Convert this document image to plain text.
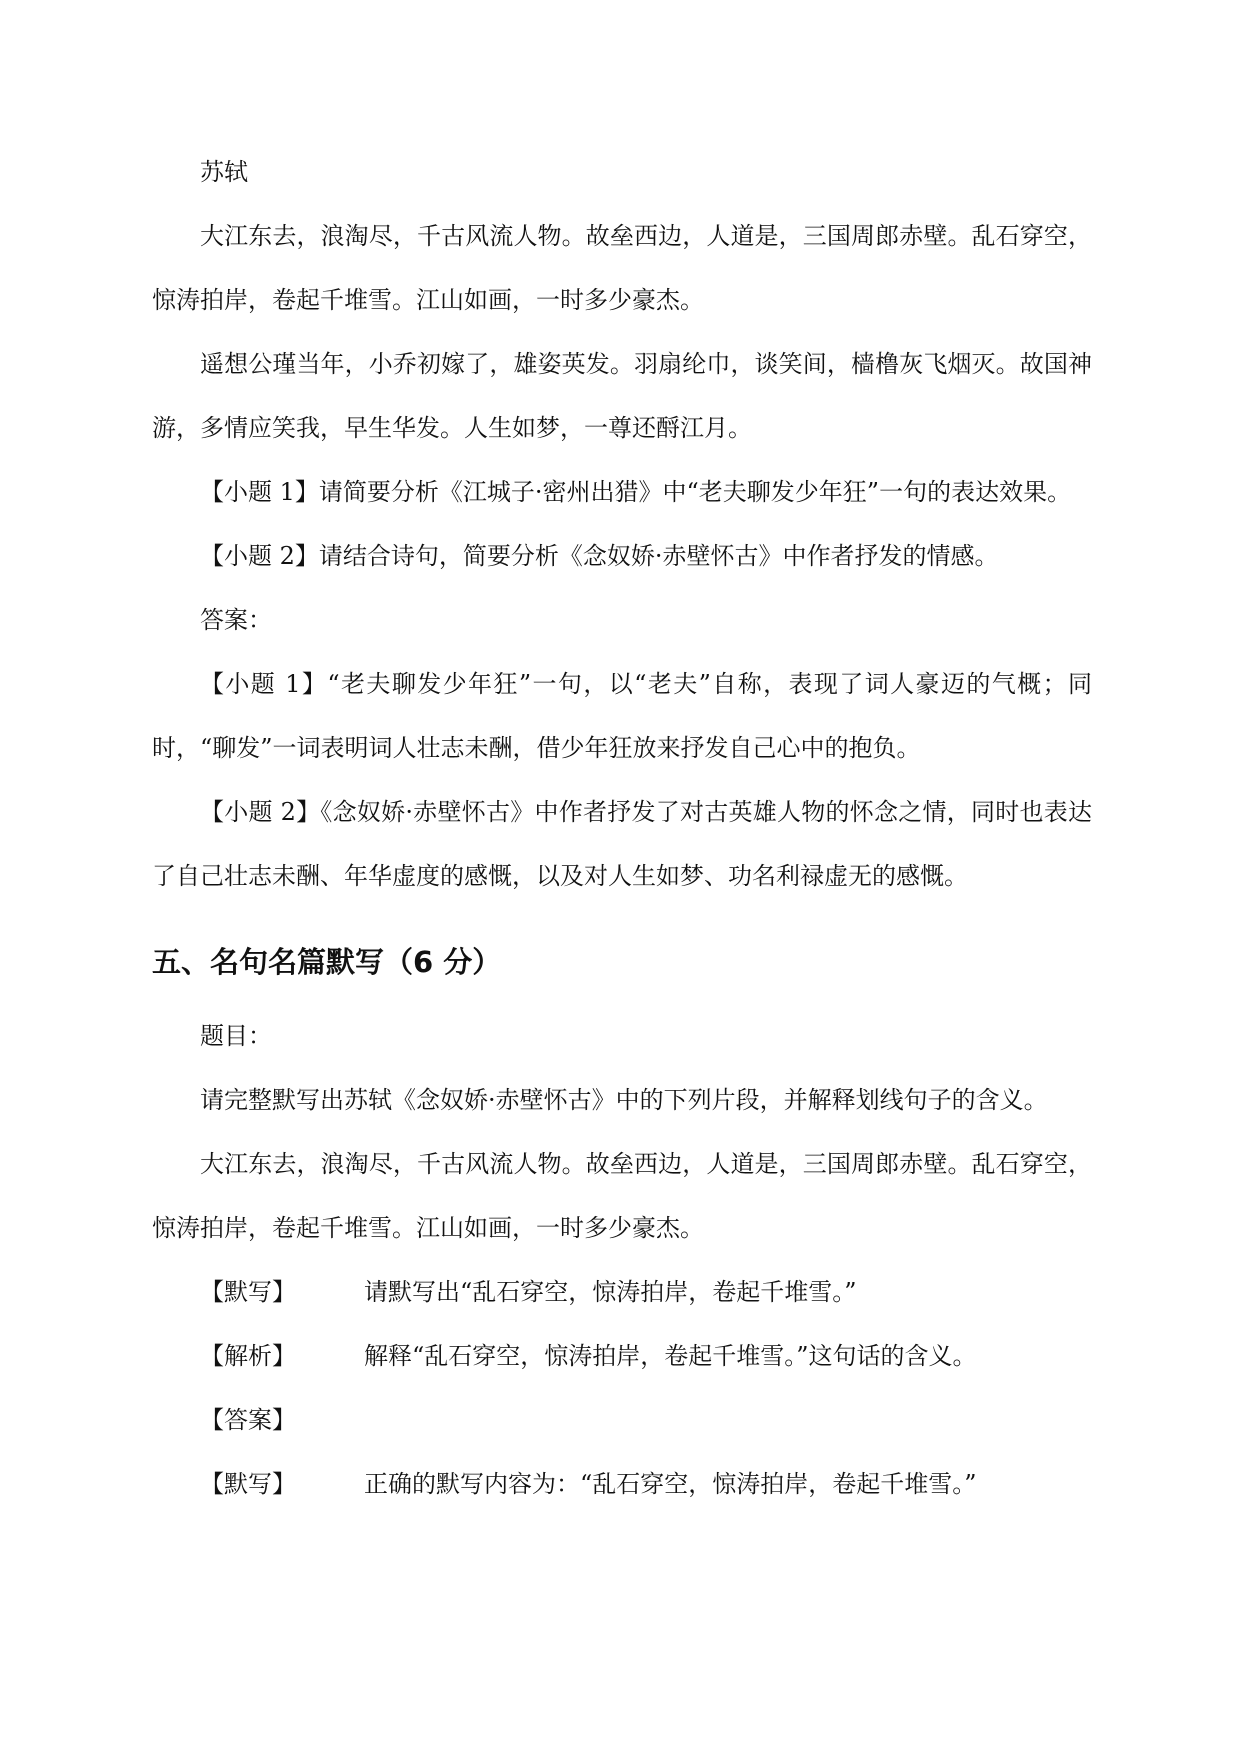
苏轼

大江东去，浪淘尽，千古风流人物。故垒西边，人道是，三国周郎赤壁。乱石穿空，惊涛拍岸，卷起千堆雪。江山如画，一时多少豪杰。

遥想公瑾当年，小乔初嫁了，雄姿英发。羽扇纶巾，谈笑间，樯橹灰飞烟灭。故国神游，多情应笑我，早生华发。人生如梦，一尊还酹江月。

【小题 1】请简要分析《江城子·密州出猎》中“老夫聊发少年狂”一句的表达效果。

【小题 2】请结合诗句，简要分析《念奴娇·赤壁怀古》中作者抒发的情感。

答案：

【小题 1】“老夫聊发少年狂”一句，以“老夫”自称，表现了词人豪迈的气概；同时，“聊发”一词表明词人壮志未酬，借少年狂放来抒发自己心中的抱负。

【小题 2】《念奴娇·赤壁怀古》中作者抒发了对古英雄人物的怀念之情，同时也表达了自己壮志未酬、年华虚度的感慨，以及对人生如梦、功名利禄虚无的感慨。

五、名句名篇默写（6 分）

题目：

请完整默写出苏轼《念奴娇·赤壁怀古》中的下列片段，并解释划线句子的含义。

大江东去，浪淘尽，千古风流人物。故垒西边，人道是，三国周郎赤壁。乱石穿空，惊涛拍岸，卷起千堆雪。江山如画，一时多少豪杰。

【默写】	请默写出“乱石穿空，惊涛拍岸，卷起千堆雪。”
【解析】	解释“乱石穿空，惊涛拍岸，卷起千堆雪。”这句话的含义。
【答案】
【默写】	正确的默写内容为：“乱石穿空，惊涛拍岸，卷起千堆雪。”
